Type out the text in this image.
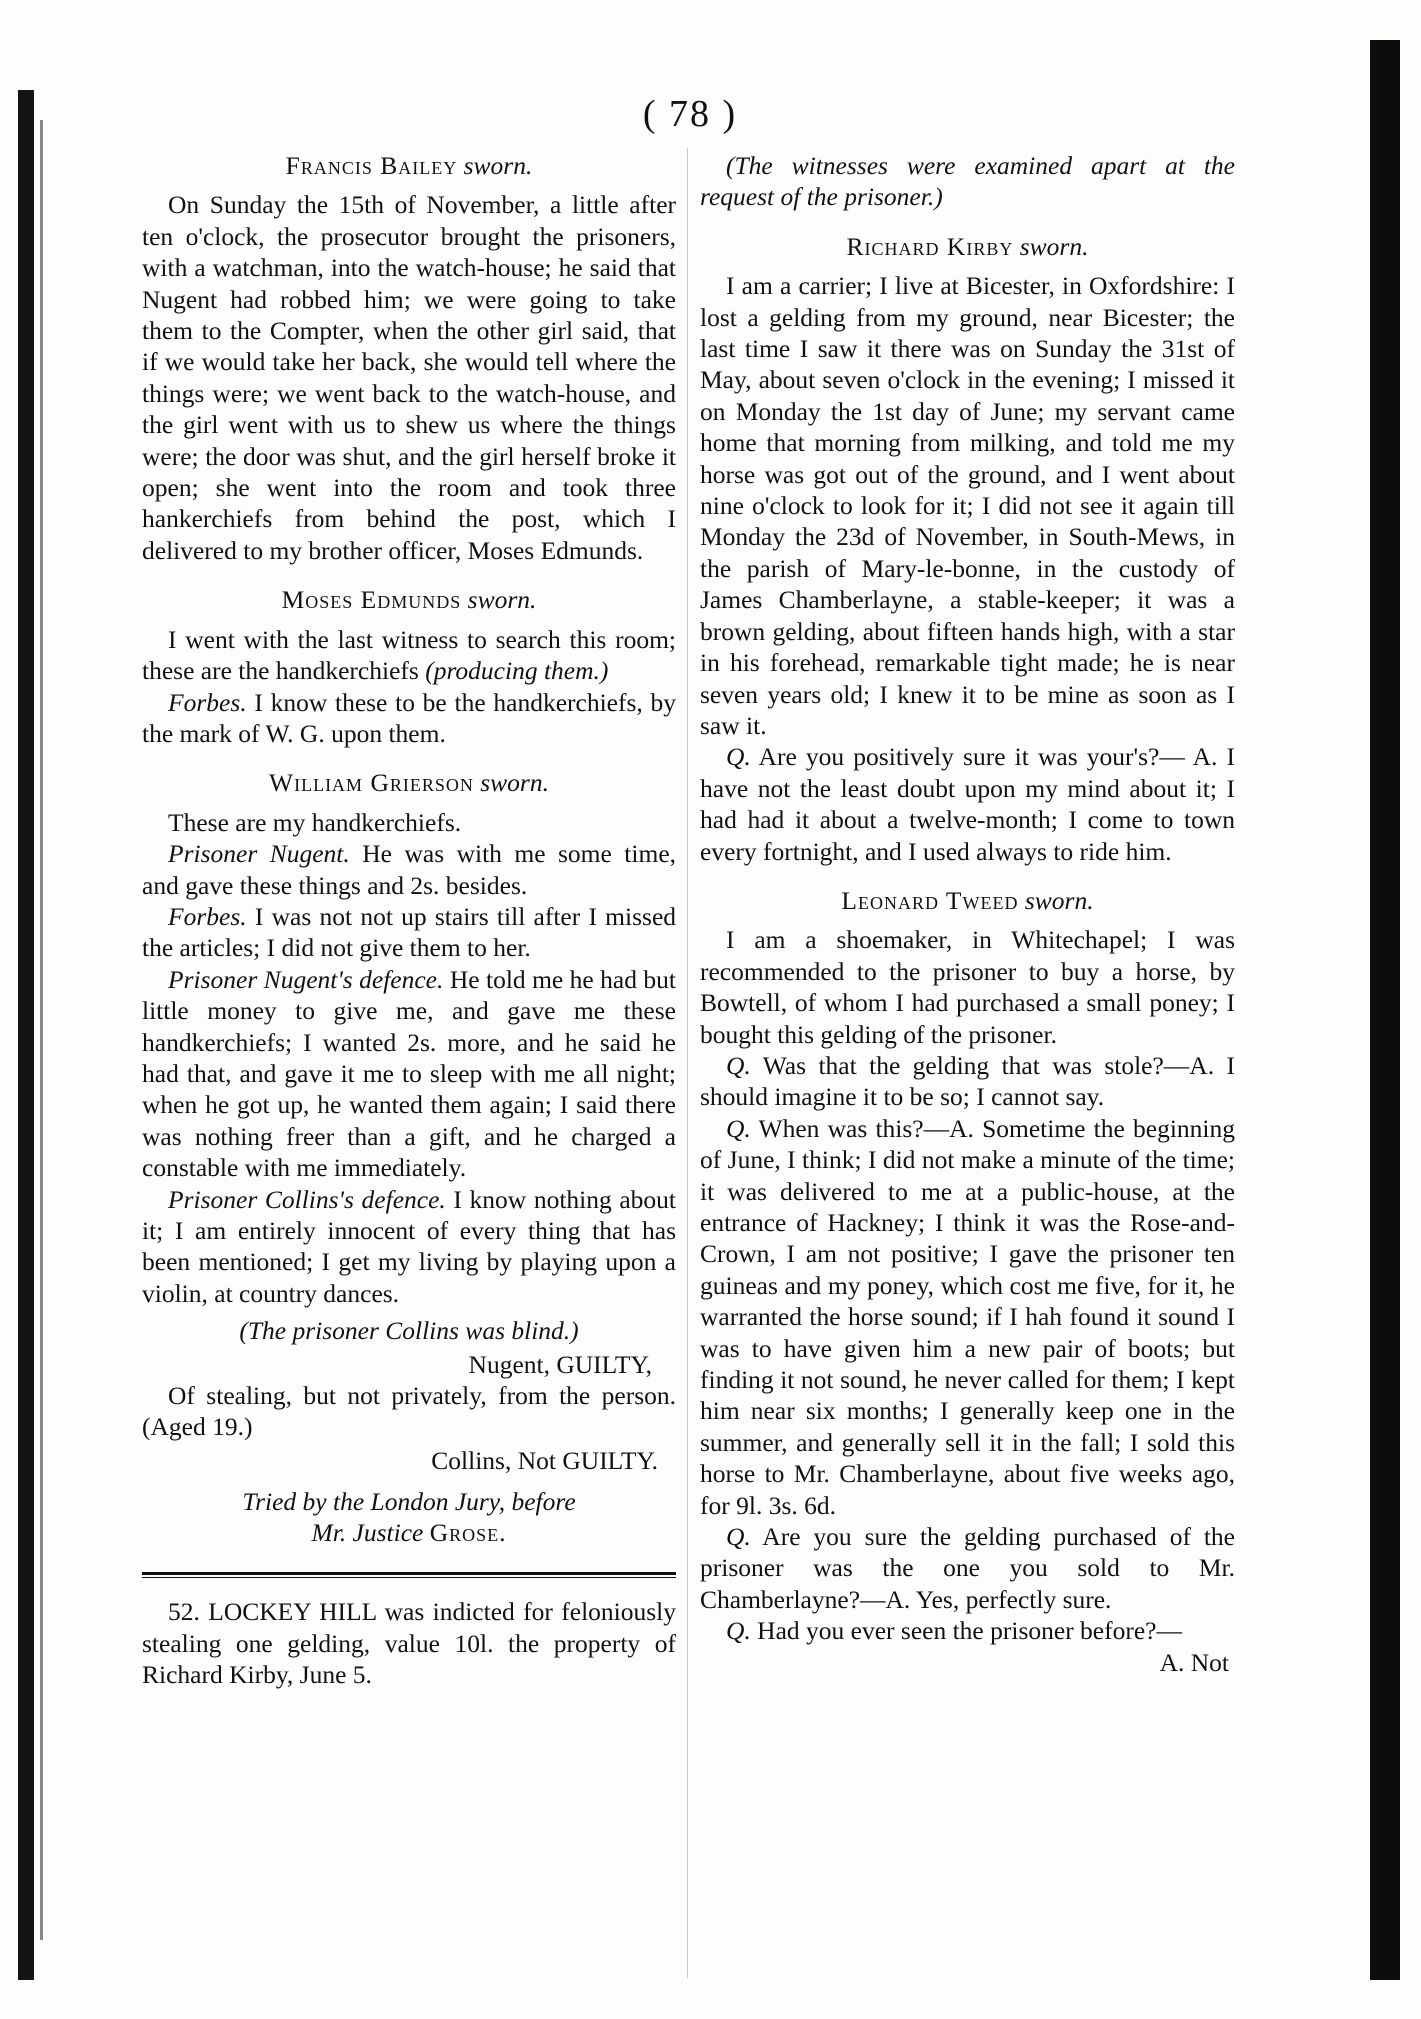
( 78 )
Francis Bailey sworn.

On Sunday the 15th of November, a little after ten o'clock, the prosecutor brought the prisoners, with a watchman, into the watch-house; he said that Nugent had robbed him; we were going to take them to the Compter, when the other girl said, that if we would take her back, she would tell where the things were; we went back to the watch-house, and the girl went with us to shew us where the things were; the door was shut, and the girl herself broke it open; she went into the room and took three hankerchiefs from behind the post, which I delivered to my brother officer, Moses Edmunds.

Moses Edmunds sworn.

I went with the last witness to search this room; these are the handkerchiefs (producing them.)

Forbes. I know these to be the handkerchiefs, by the mark of W. G. upon them.

William Grierson sworn.

These are my handkerchiefs.

Prisoner Nugent. He was with me some time, and gave these things and 2s. besides.

Forbes. I was not not up stairs till after I missed the articles; I did not give them to her.

Prisoner Nugent's defence. He told me he had but little money to give me, and gave me these handkerchiefs; I wanted 2s. more, and he said he had that, and gave it me to sleep with me all night; when he got up, he wanted them again; I said there was nothing freer than a gift, and he charged a constable with me immediately.

Prisoner Collins's defence. I know nothing about it; I am entirely innocent of every thing that has been mentioned; I get my living by playing upon a violin, at country dances.

(The prisoner Collins was blind.)
Nugent, GUILTY,

Of stealing, but not privately, from the person. (Aged 19.)

Collins, Not GUILTY.
Tried by the London Jury, before
Mr. Justice Grose.

52. LOCKEY HILL was indicted for feloniously stealing one gelding, value 10l. the property of Richard Kirby, June 5.

(The witnesses were examined apart at the request of the prisoner.)

Richard Kirby sworn.

I am a carrier; I live at Bicester, in Oxfordshire: I lost a gelding from my ground, near Bicester; the last time I saw it there was on Sunday the 31st of May, about seven o'clock in the evening; I missed it on Monday the 1st day of June; my servant came home that morning from milking, and told me my horse was got out of the ground, and I went about nine o'clock to look for it; I did not see it again till Monday the 23d of November, in South-Mews, in the parish of Mary-le-bonne, in the custody of James Chamberlayne, a stable-keeper; it was a brown gelding, about fifteen hands high, with a star in his forehead, remarkable tight made; he is near seven years old; I knew it to be mine as soon as I saw it.

Q. Are you positively sure it was your's?— A. I have not the least doubt upon my mind about it; I had had it about a twelve-month; I come to town every fortnight, and I used always to ride him.

Leonard Tweed sworn.

I am a shoemaker, in Whitechapel; I was recommended to the prisoner to buy a horse, by Bowtell, of whom I had purchased a small poney; I bought this gelding of the prisoner.

Q. Was that the gelding that was stole?—A. I should imagine it to be so; I cannot say.

Q. When was this?—A. Sometime the beginning of June, I think; I did not make a minute of the time; it was delivered to me at a public-house, at the entrance of Hackney; I think it was the Rose-and-Crown, I am not positive; I gave the prisoner ten guineas and my poney, which cost me five, for it, he warranted the horse sound; if I hah found it sound I was to have given him a new pair of boots; but finding it not sound, he never called for them; I kept him near six months; I generally keep one in the summer, and generally sell it in the fall; I sold this horse to Mr. Chamberlayne, about five weeks ago, for 9l. 3s. 6d.

Q. Are you sure the gelding purchased of the prisoner was the one you sold to Mr. Chamberlayne?—A. Yes, perfectly sure.

Q. Had you ever seen the prisoner before?—

A. Not
